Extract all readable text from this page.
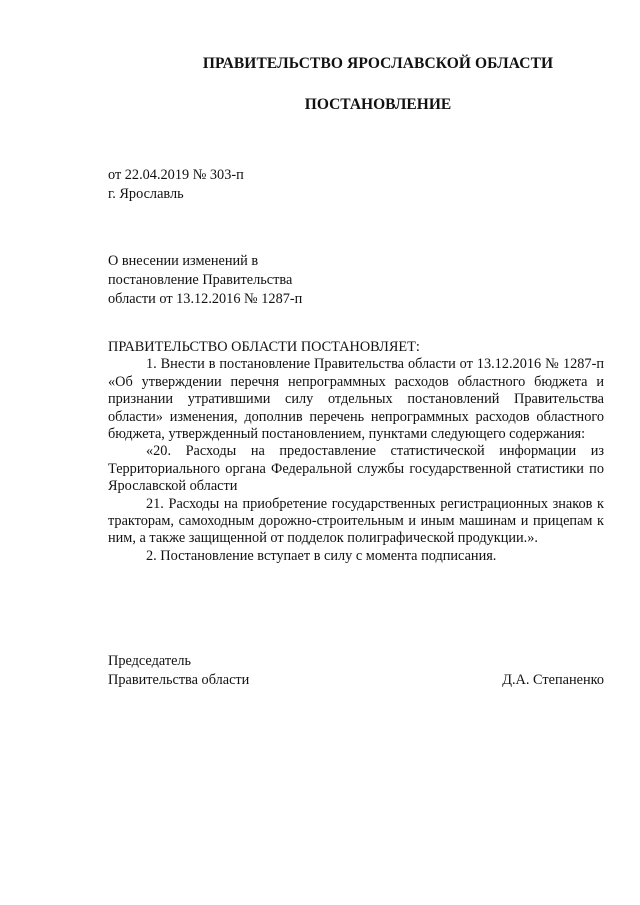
ПРАВИТЕЛЬСТВО ЯРОСЛАВСКОЙ ОБЛАСТИ
ПОСТАНОВЛЕНИЕ
от 22.04.2019 № 303-п
г. Ярославль
О внесении изменений в
постановление Правительства
области от 13.12.2016 № 1287-п

ПРАВИТЕЛЬСТВО ОБЛАСТИ ПОСТАНОВЛЯЕТ:

1. Внести в постановление Правительства области от 13.12.2016 № 1287-п «Об утверждении перечня непрограммных расходов областного бюджета и признании утратившими силу отдельных постановлений Правительства области» изменения, дополнив перечень непрограммных расходов областного бюджета, утвержденный постановлением, пунктами следующего содержания:

«20. Расходы на предоставление статистической информации из Территориального органа Федеральной службы государственной статистики по Ярославской области

21. Расходы на приобретение государственных регистрационных знаков к тракторам, самоходным дорожно-строительным и иным машинам и прицепам к ним, а также защищенной от подделок полиграфической продукции.».

2. Постановление вступает в силу с момента подписания.

Председатель
Правительства области	Д.А. Степаненко
